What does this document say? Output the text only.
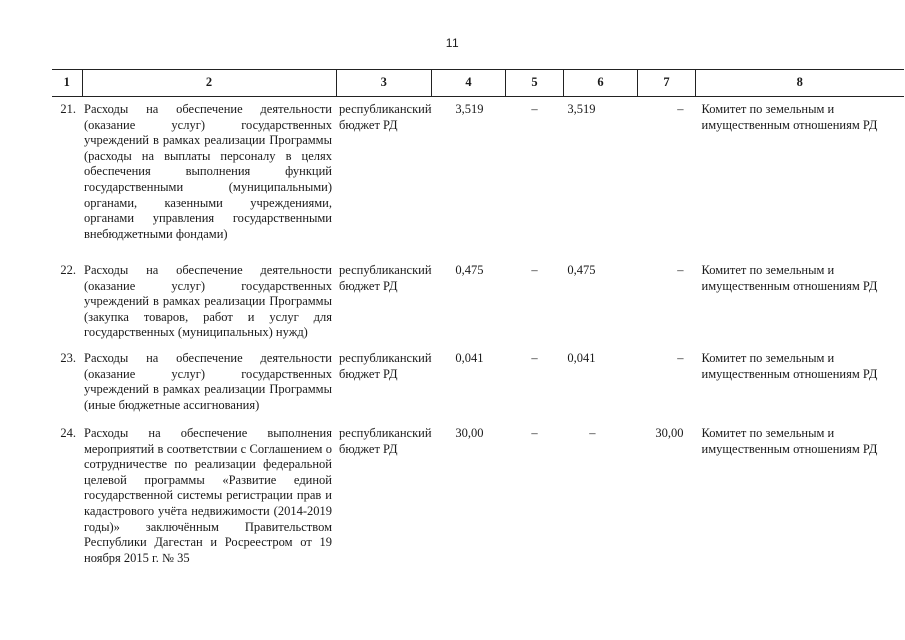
11
1	2	3	4	5	6	7	8
21.	Расходы на обеспечение деятельности (оказание услуг) государственных учреждений в рамках реализации Программы (расходы на выплаты персоналу в целях обеспечения выполнения функций государственными (муниципальными) органами, казенными учреждениями, органами управления государственными внебюджетными фондами)	республиканский бюджет РД	3,519	–	3,519	–	Комитет по земельным и имущественным отношениям РД
22.	Расходы на обеспечение деятельности (оказание услуг) государственных учреждений в рамках реализации Программы (закупка товаров, работ и услуг для государственных (муниципальных) нужд)	республиканский бюджет РД	0,475	–	0,475	–	Комитет по земельным и имущественным отношениям РД
23.	Расходы на обеспечение деятельности (оказание услуг) государственных учреждений в рамках реализации Программы (иные бюджетные ассигнования)	республиканский бюджет РД	0,041	–	0,041	–	Комитет по земельным и имущественным отношениям РД
24.	Расходы на обеспечение выполнения мероприятий в соответствии с Соглашением о сотрудничестве по реализации федеральной целевой программы «Развитие единой государственной системы регистрации прав и кадастрового учёта недвижимости (2014-2019 годы)» заключённым Правительством Республики Дагестан и Росреестром от 19 ноября 2015 г. № 35	республиканский бюджет РД	30,00	–	–	30,00	Комитет по земельным и имущественным отношениям РД
